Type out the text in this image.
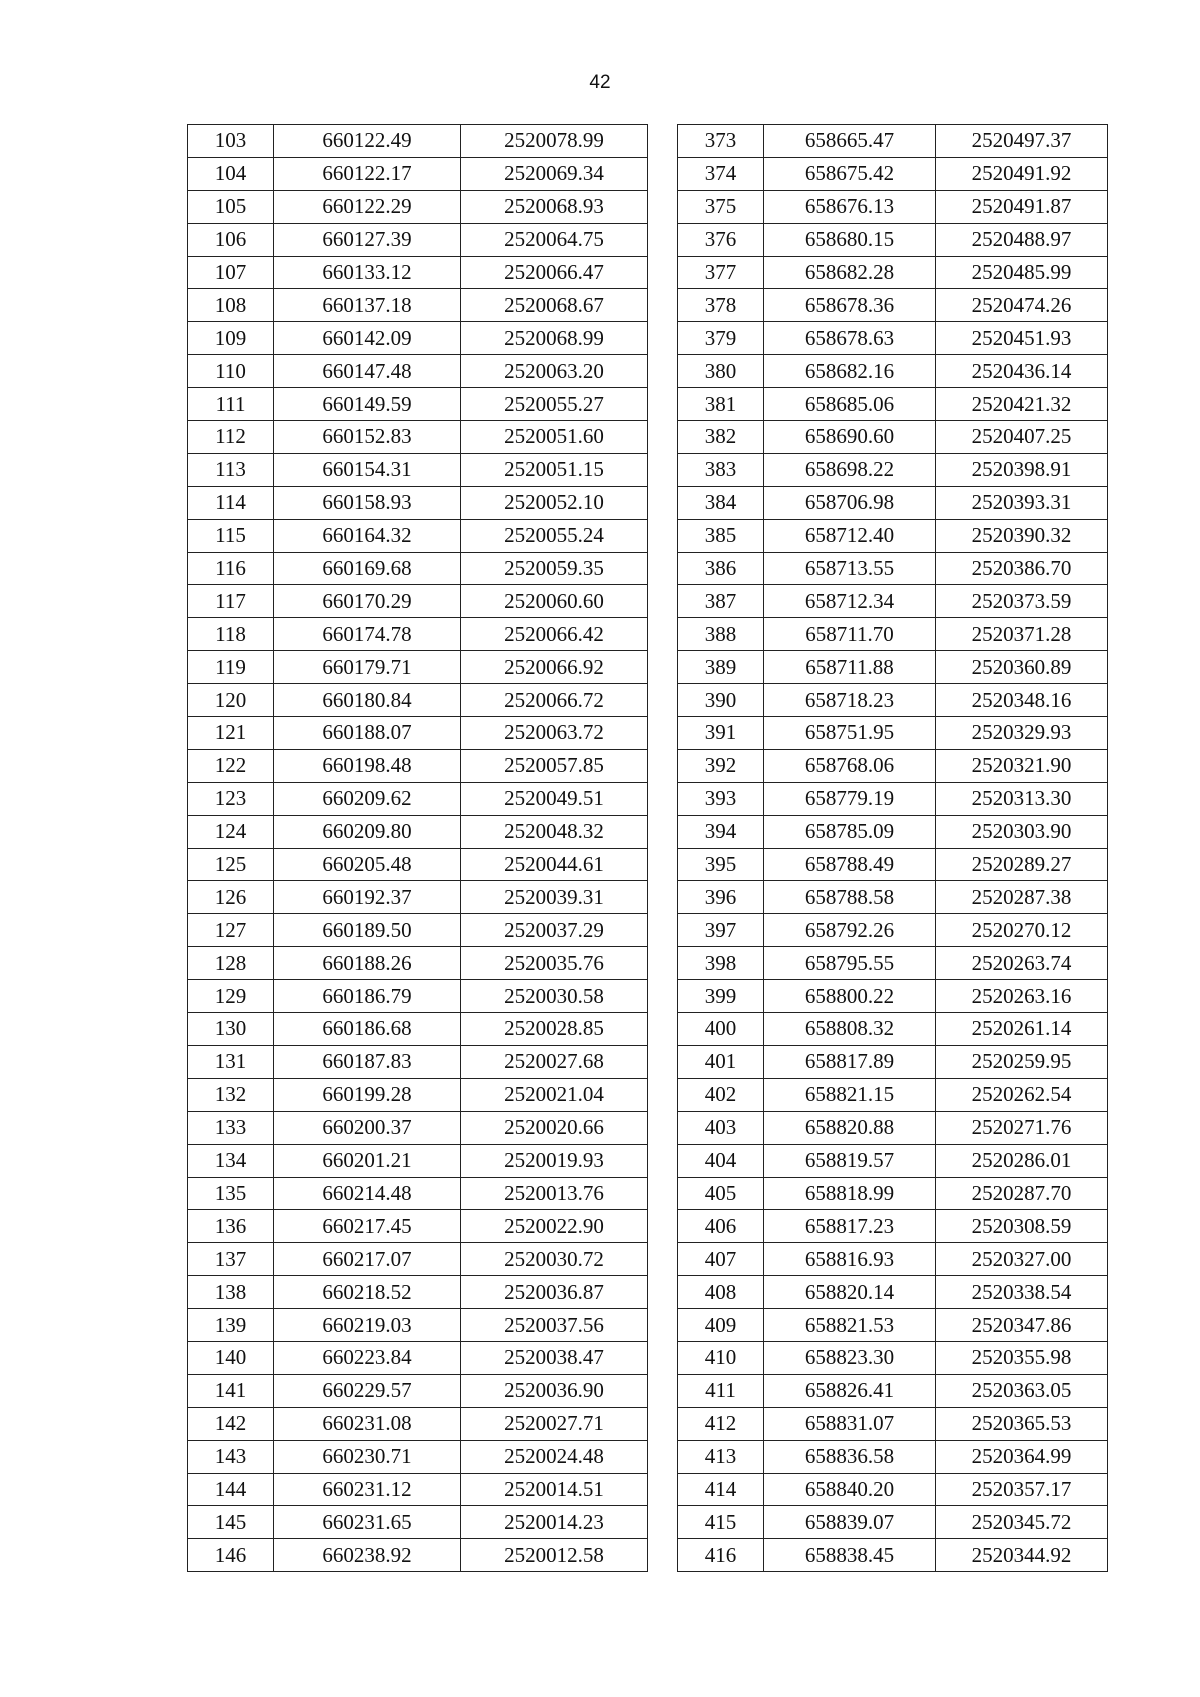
42
103	660122.49	2520078.99
104	660122.17	2520069.34
105	660122.29	2520068.93
106	660127.39	2520064.75
107	660133.12	2520066.47
108	660137.18	2520068.67
109	660142.09	2520068.99
110	660147.48	2520063.20
111	660149.59	2520055.27
112	660152.83	2520051.60
113	660154.31	2520051.15
114	660158.93	2520052.10
115	660164.32	2520055.24
116	660169.68	2520059.35
117	660170.29	2520060.60
118	660174.78	2520066.42
119	660179.71	2520066.92
120	660180.84	2520066.72
121	660188.07	2520063.72
122	660198.48	2520057.85
123	660209.62	2520049.51
124	660209.80	2520048.32
125	660205.48	2520044.61
126	660192.37	2520039.31
127	660189.50	2520037.29
128	660188.26	2520035.76
129	660186.79	2520030.58
130	660186.68	2520028.85
131	660187.83	2520027.68
132	660199.28	2520021.04
133	660200.37	2520020.66
134	660201.21	2520019.93
135	660214.48	2520013.76
136	660217.45	2520022.90
137	660217.07	2520030.72
138	660218.52	2520036.87
139	660219.03	2520037.56
140	660223.84	2520038.47
141	660229.57	2520036.90
142	660231.08	2520027.71
143	660230.71	2520024.48
144	660231.12	2520014.51
145	660231.65	2520014.23
146	660238.92	2520012.58
373	658665.47	2520497.37
374	658675.42	2520491.92
375	658676.13	2520491.87
376	658680.15	2520488.97
377	658682.28	2520485.99
378	658678.36	2520474.26
379	658678.63	2520451.93
380	658682.16	2520436.14
381	658685.06	2520421.32
382	658690.60	2520407.25
383	658698.22	2520398.91
384	658706.98	2520393.31
385	658712.40	2520390.32
386	658713.55	2520386.70
387	658712.34	2520373.59
388	658711.70	2520371.28
389	658711.88	2520360.89
390	658718.23	2520348.16
391	658751.95	2520329.93
392	658768.06	2520321.90
393	658779.19	2520313.30
394	658785.09	2520303.90
395	658788.49	2520289.27
396	658788.58	2520287.38
397	658792.26	2520270.12
398	658795.55	2520263.74
399	658800.22	2520263.16
400	658808.32	2520261.14
401	658817.89	2520259.95
402	658821.15	2520262.54
403	658820.88	2520271.76
404	658819.57	2520286.01
405	658818.99	2520287.70
406	658817.23	2520308.59
407	658816.93	2520327.00
408	658820.14	2520338.54
409	658821.53	2520347.86
410	658823.30	2520355.98
411	658826.41	2520363.05
412	658831.07	2520365.53
413	658836.58	2520364.99
414	658840.20	2520357.17
415	658839.07	2520345.72
416	658838.45	2520344.92
